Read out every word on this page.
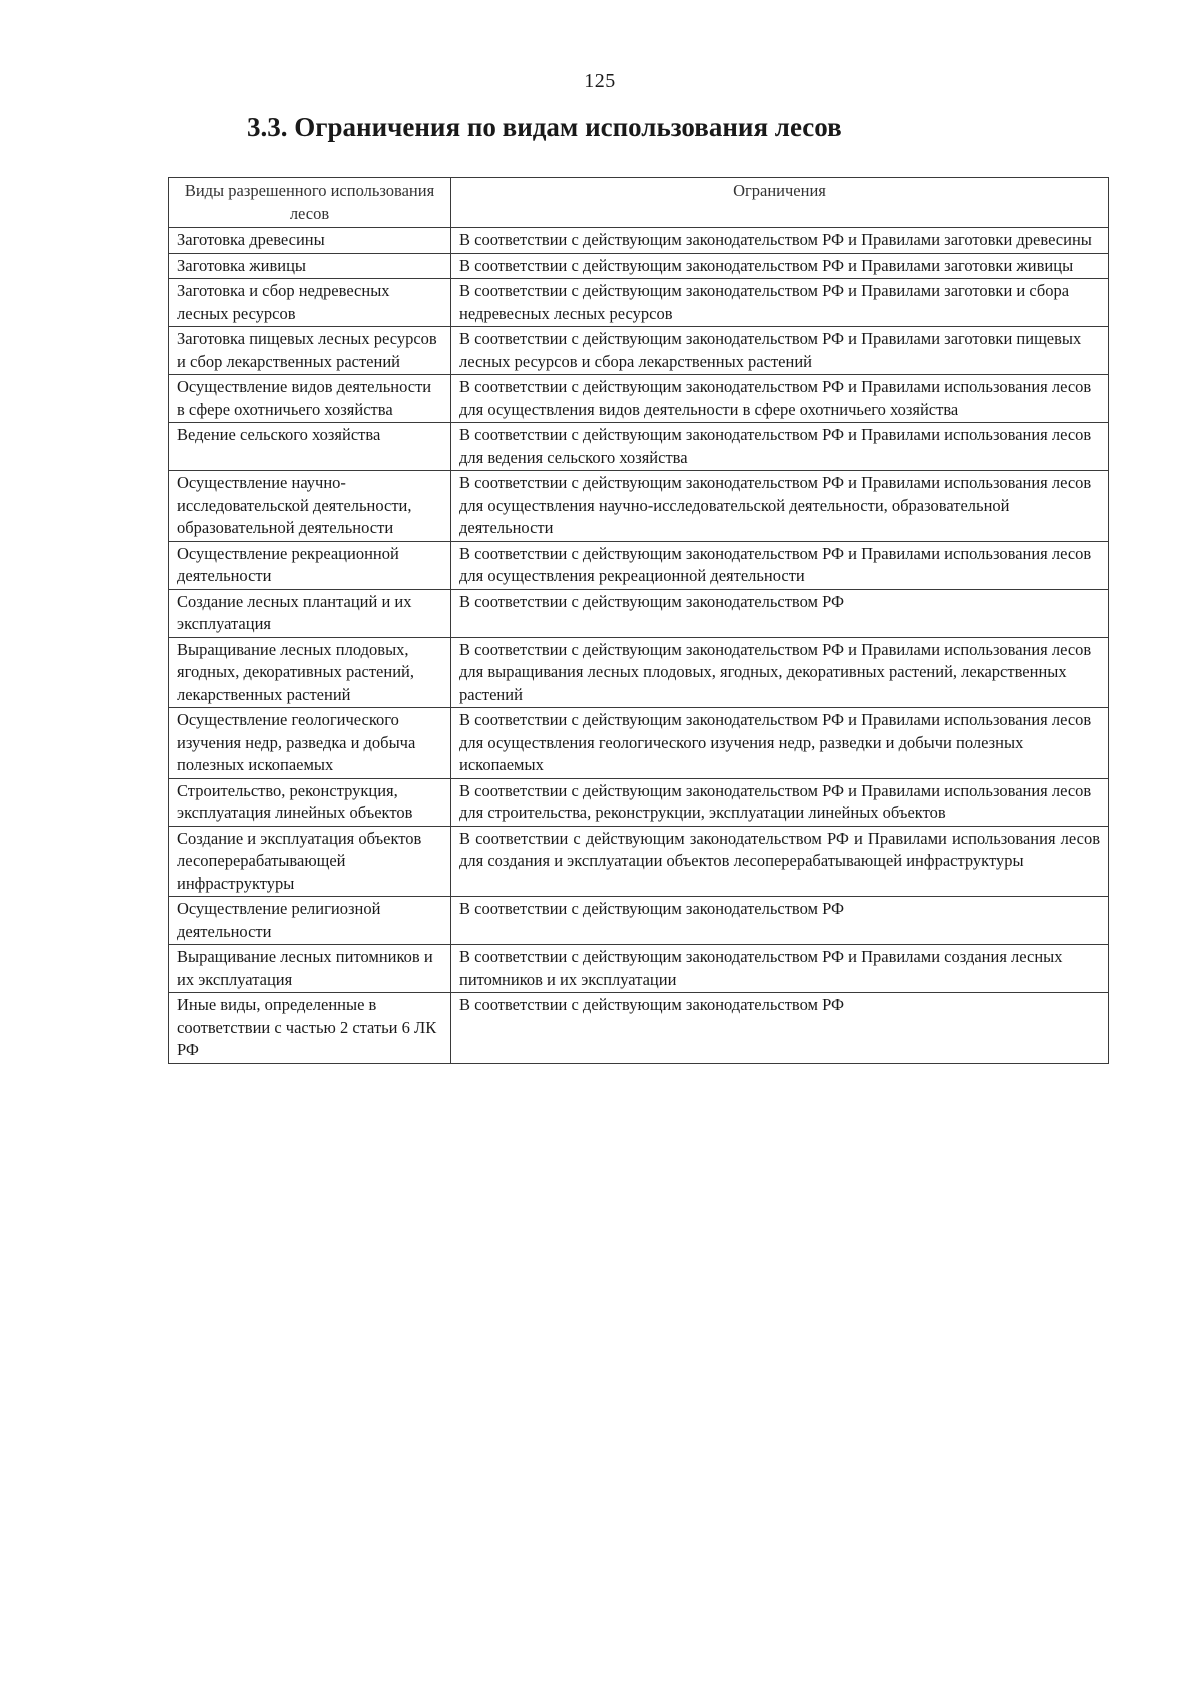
125
3.3. Ограничения по видам использования лесов
Виды разрешенного использования лесов	Ограничения
Заготовка древесины	В соответствии с действующим законодательством РФ и Правилами заготовки древесины
Заготовка живицы	В соответствии с действующим законодательством РФ и Правилами заготовки живицы
Заготовка и сбор недревесных лесных ресурсов	В соответствии с действующим законодательством РФ и Правилами заготовки и сбора недревесных лесных ресурсов
Заготовка пищевых лесных ресурсов и сбор лекарственных растений	В соответствии с действующим законодательством РФ и Правилами заготовки пищевых лесных ресурсов и сбора лекарственных растений
Осуществление видов деятельности в сфере охотничьего хозяйства	В соответствии с действующим законодательством РФ и Правилами использования лесов для осуществления видов деятельности в сфере охотничьего хозяйства
Ведение сельского хозяйства	В соответствии с действующим законодательством РФ и Правилами использования лесов для ведения сельского хозяйства
Осуществление научно-исследовательской деятельности, образовательной деятельности	В соответствии с действующим законодательством РФ и Правилами использования лесов для осуществления научно-исследовательской деятельности, образовательной деятельности
Осуществление рекреационной деятельности	В соответствии с действующим законодательством РФ и Правилами использования лесов для осуществления рекреационной деятельности
Создание лесных плантаций и их эксплуатация	В соответствии с действующим законодательством РФ
Выращивание лесных плодовых, ягодных, декоративных растений, лекарственных растений	В соответствии с действующим законодательством РФ и Правилами использования лесов для выращивания лесных плодовых, ягодных, декоративных растений, лекарственных растений
Осуществление геологического изучения недр, разведка и добыча полезных ископаемых	В соответствии с действующим законодательством РФ и Правилами использования лесов для осуществления геологического изучения недр, разведки и добычи полезных ископаемых
Строительство, реконструкция, эксплуатация линейных объектов	В соответствии с действующим законодательством РФ и Правилами использования лесов для строительства, реконструкции, эксплуатации линейных объектов
Создание и эксплуатация объектов лесоперерабатывающей инфраструктуры	В соответствии с действующим законодательством РФ и Правилами использования лесов для создания и эксплуатации объектов лесоперерабатывающей инфраструктуры
Осуществление религиозной деятельности	В соответствии с действующим законодательством РФ
Выращивание лесных питомников и их эксплуатация	В соответствии с действующим законодательством РФ и Правилами создания лесных питомников и их эксплуатации
Иные виды, определенные в соответствии с частью 2 статьи 6 ЛК РФ	В соответствии с действующим законодательством РФ
